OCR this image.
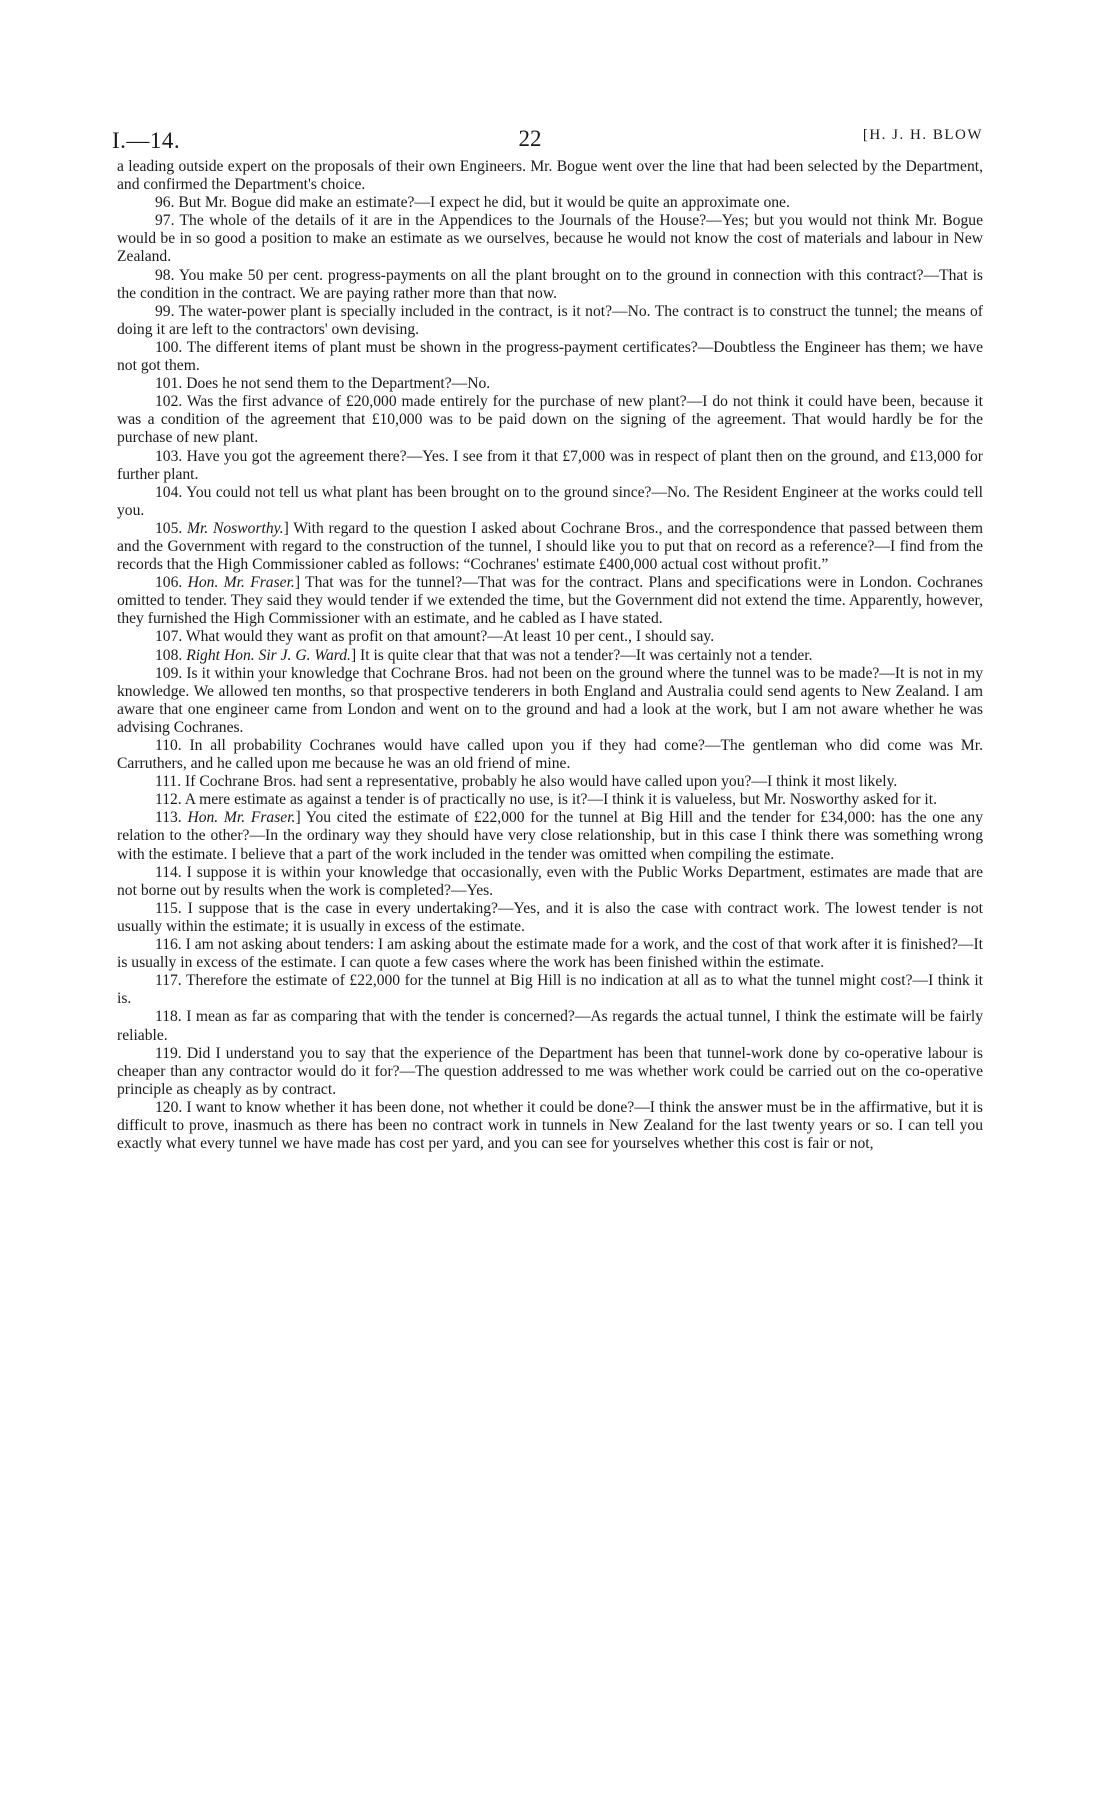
I.—14.	22	[H. J. H. BLOW

a leading outside expert on the proposals of their own Engineers. Mr. Bogue went over the line that had been selected by the Department, and confirmed the Department's choice.

96. But Mr. Bogue did make an estimate?—I expect he did, but it would be quite an approximate one.

97. The whole of the details of it are in the Appendices to the Journals of the House?—Yes; but you would not think Mr. Bogue would be in so good a position to make an estimate as we ourselves, because he would not know the cost of materials and labour in New Zealand.

98. You make 50 per cent. progress-payments on all the plant brought on to the ground in connection with this contract?—That is the condition in the contract. We are paying rather more than that now.

99. The water-power plant is specially included in the contract, is it not?—No. The contract is to construct the tunnel; the means of doing it are left to the contractors' own devising.

100. The different items of plant must be shown in the progress-payment certificates?—Doubtless the Engineer has them; we have not got them.

101. Does he not send them to the Department?—No.

102. Was the first advance of £20,000 made entirely for the purchase of new plant?—I do not think it could have been, because it was a condition of the agreement that £10,000 was to be paid down on the signing of the agreement. That would hardly be for the purchase of new plant.

103. Have you got the agreement there?—Yes. I see from it that £7,000 was in respect of plant then on the ground, and £13,000 for further plant.

104. You could not tell us what plant has been brought on to the ground since?—No. The Resident Engineer at the works could tell you.

105. Mr. Nosworthy.] With regard to the question I asked about Cochrane Bros., and the correspondence that passed between them and the Government with regard to the construction of the tunnel, I should like you to put that on record as a reference?—I find from the records that the High Commissioner cabled as follows: “Cochranes' estimate £400,000 actual cost without profit.”

106. Hon. Mr. Fraser.] That was for the tunnel?—That was for the contract. Plans and specifications were in London. Cochranes omitted to tender. They said they would tender if we extended the time, but the Government did not extend the time. Apparently, however, they furnished the High Commissioner with an estimate, and he cabled as I have stated.

107. What would they want as profit on that amount?—At least 10 per cent., I should say.

108. Right Hon. Sir J. G. Ward.] It is quite clear that that was not a tender?—It was certainly not a tender.

109. Is it within your knowledge that Cochrane Bros. had not been on the ground where the tunnel was to be made?—It is not in my knowledge. We allowed ten months, so that prospective tenderers in both England and Australia could send agents to New Zealand. I am aware that one engineer came from London and went on to the ground and had a look at the work, but I am not aware whether he was advising Cochranes.

110. In all probability Cochranes would have called upon you if they had come?—The gentleman who did come was Mr. Carruthers, and he called upon me because he was an old friend of mine.

111. If Cochrane Bros. had sent a representative, probably he also would have called upon you?—I think it most likely.

112. A mere estimate as against a tender is of practically no use, is it?—I think it is valueless, but Mr. Nosworthy asked for it.

113. Hon. Mr. Fraser.] You cited the estimate of £22,000 for the tunnel at Big Hill and the tender for £34,000: has the one any relation to the other?—In the ordinary way they should have very close relationship, but in this case I think there was something wrong with the estimate. I believe that a part of the work included in the tender was omitted when compiling the estimate.

114. I suppose it is within your knowledge that occasionally, even with the Public Works Department, estimates are made that are not borne out by results when the work is completed?—Yes.

115. I suppose that is the case in every undertaking?—Yes, and it is also the case with contract work. The lowest tender is not usually within the estimate; it is usually in excess of the estimate.

116. I am not asking about tenders: I am asking about the estimate made for a work, and the cost of that work after it is finished?—It is usually in excess of the estimate. I can quote a few cases where the work has been finished within the estimate.

117. Therefore the estimate of £22,000 for the tunnel at Big Hill is no indication at all as to what the tunnel might cost?—I think it is.

118. I mean as far as comparing that with the tender is concerned?—As regards the actual tunnel, I think the estimate will be fairly reliable.

119. Did I understand you to say that the experience of the Department has been that tunnel-work done by co-operative labour is cheaper than any contractor would do it for?—The question addressed to me was whether work could be carried out on the co-operative principle as cheaply as by contract.

120. I want to know whether it has been done, not whether it could be done?—I think the answer must be in the affirmative, but it is difficult to prove, inasmuch as there has been no contract work in tunnels in New Zealand for the last twenty years or so. I can tell you exactly what every tunnel we have made has cost per yard, and you can see for yourselves whether this cost is fair or not,
